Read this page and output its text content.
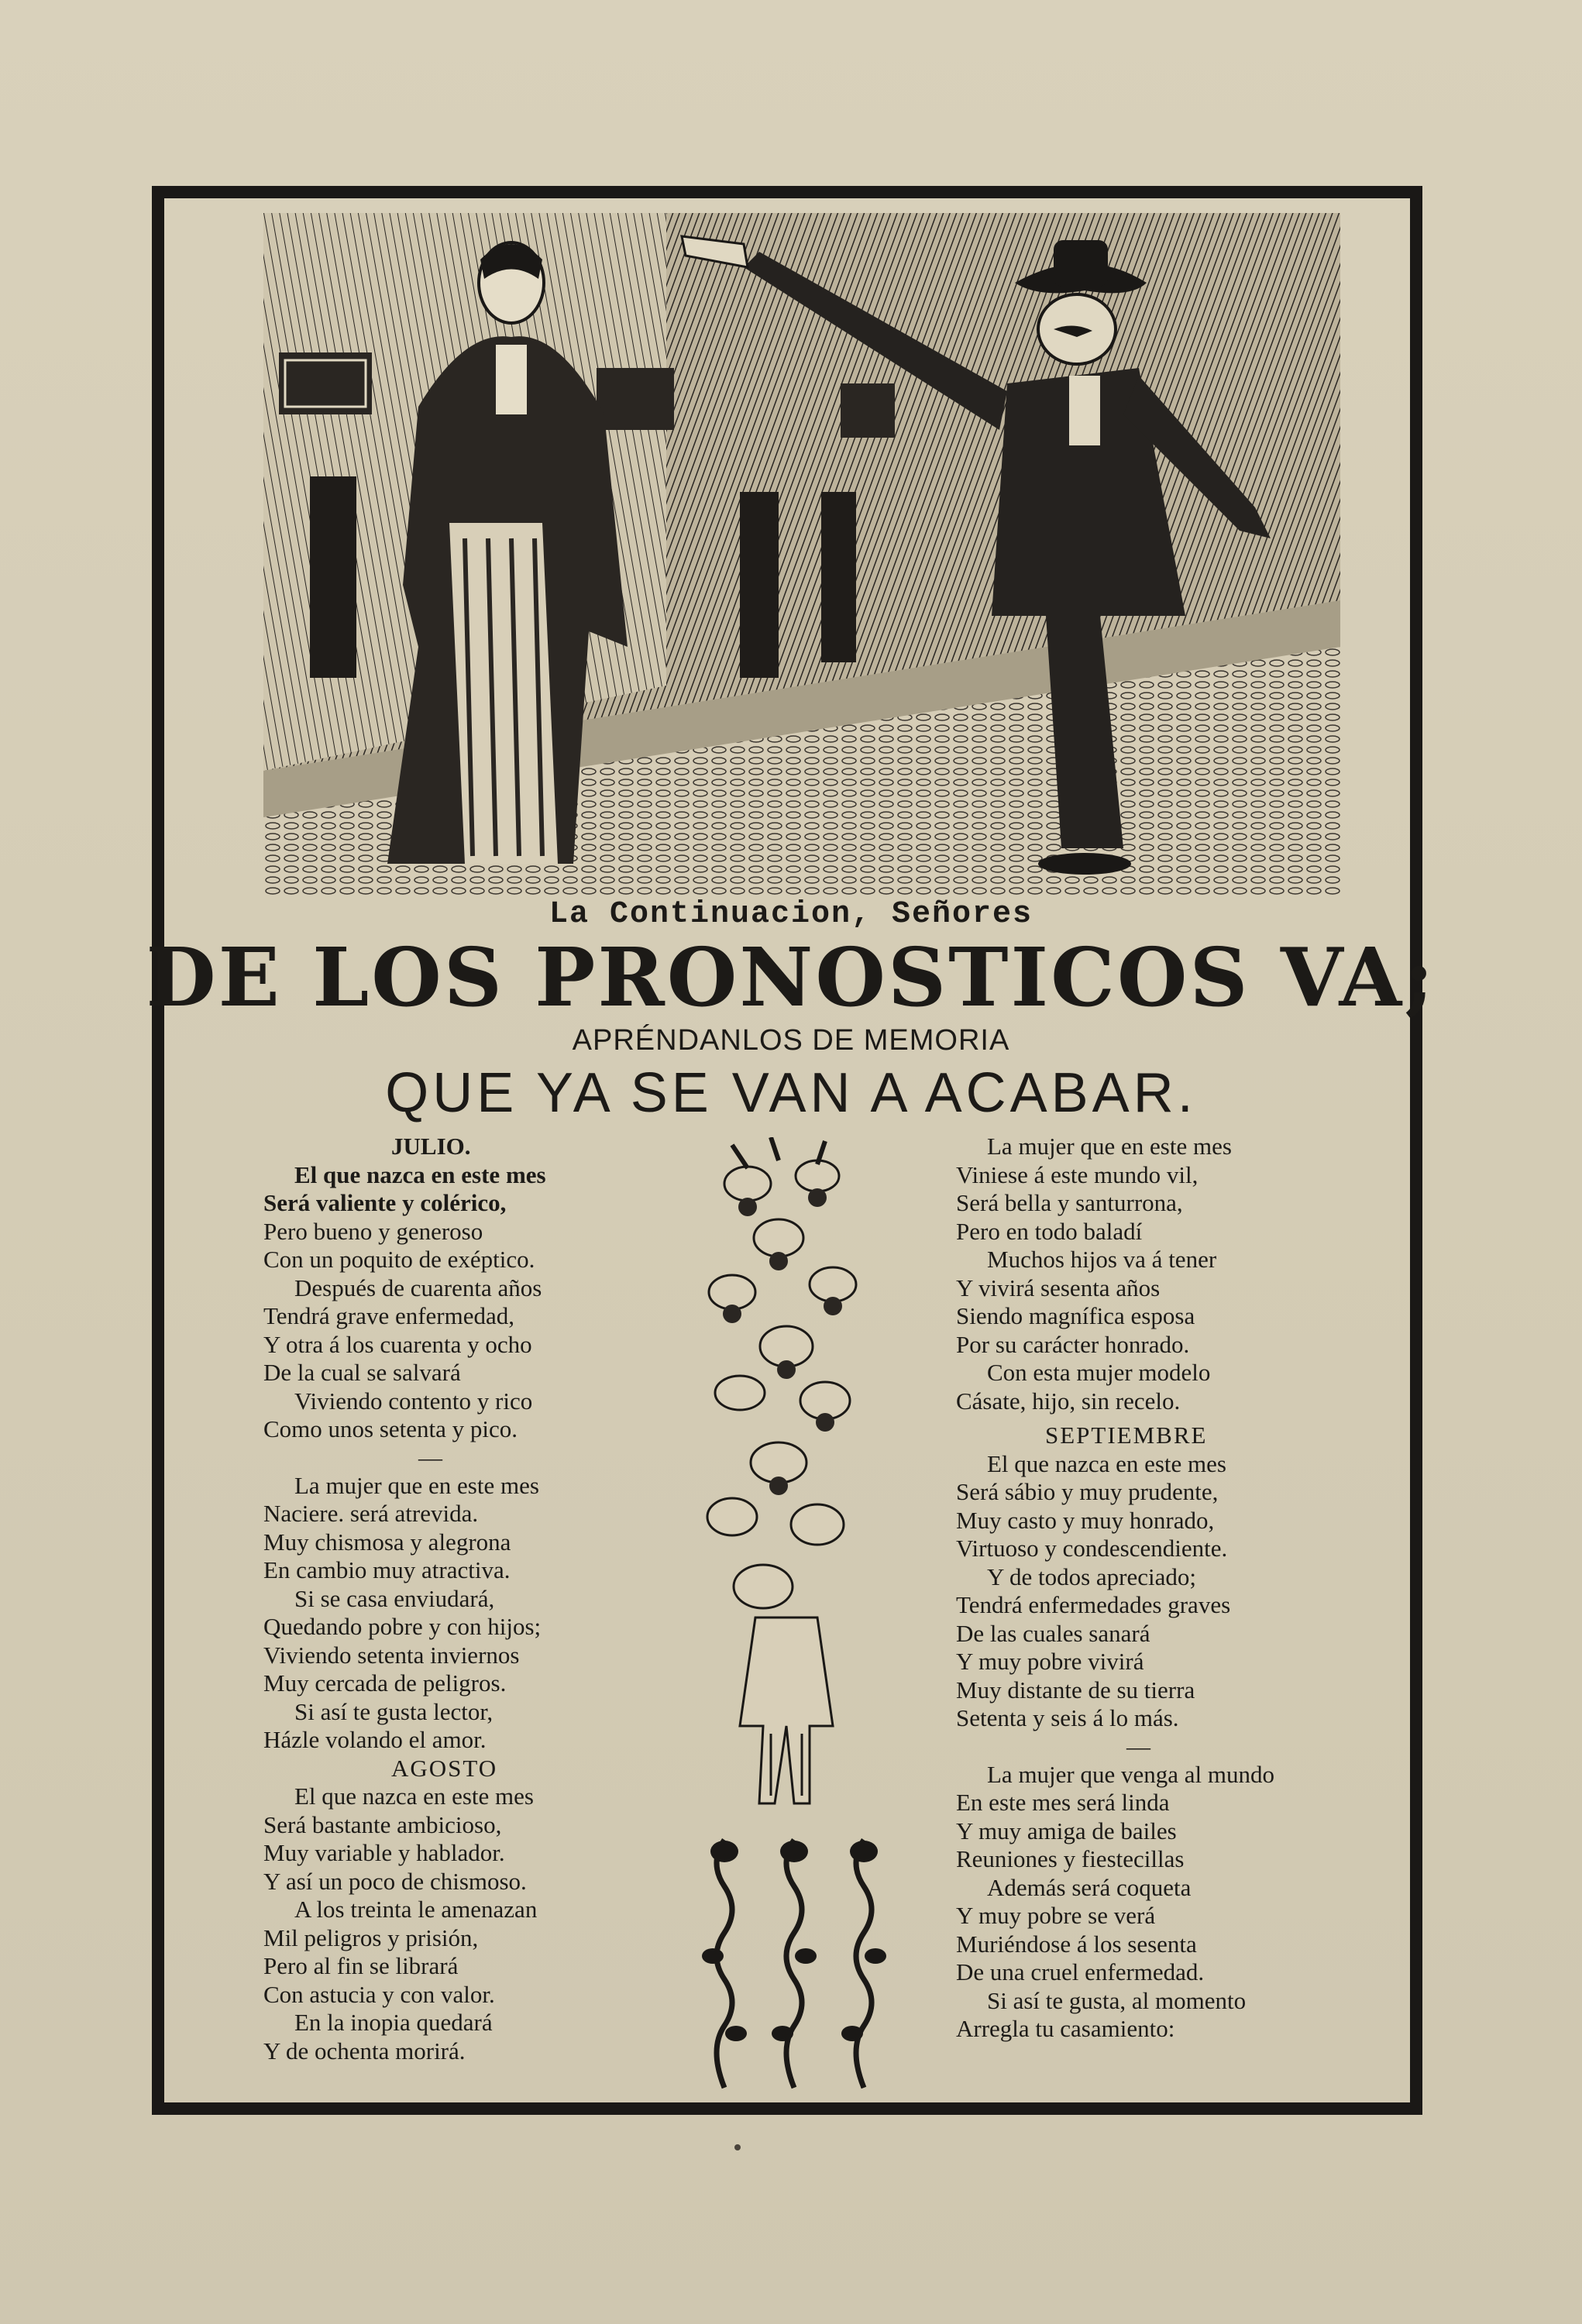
La Continuacion, Señores
DE LOS PRONOSTICOS VA;
APRÉNDANLOS DE MEMORIA
QUE YA SE VAN A ACABAR.
JULIO.
El que nazca en este mes
Será valiente y colérico,
Pero bueno y generoso
Con un poquito de exéptico.
Después de cuarenta años
Tendrá grave enfermedad,
Y otra á los cuarenta y ocho
De la cual se salvará
Viviendo contento y rico
Como unos setenta y pico.
—
La mujer que en este mes
Naciere. será atrevida.
Muy chismosa y alegrona
En cambio muy atractiva.
Si se casa enviudará,
Quedando pobre y con hijos;
Viviendo setenta inviernos
Muy cercada de peligros.
Si así te gusta lector,
Házle volando el amor.
AGOSTO
El que nazca en este mes
Será bastante ambicioso,
Muy variable y hablador.
Y así un poco de chismoso.
A los treinta le amenazan
Mil peligros y prisión,
Pero al fin se librará
Con astucia y con valor.
En la inopia quedará
Y de ochenta morirá.
La mujer que en este mes
Viniese á este mundo vil,
Será bella y santurrona,
Pero en todo baladí
Muchos hijos va á tener
Y vivirá sesenta años
Siendo magnífica esposa
Por su carácter honrado.
Con esta mujer modelo
Cásate, hijo, sin recelo.
SEPTIEMBRE
El que nazca en este mes
Será sábio y muy prudente,
Muy casto y muy honrado,
Virtuoso y condescendiente.
Y de todos apreciado;
Tendrá enfermedades graves
De las cuales sanará
Y muy pobre vivirá
Muy distante de su tierra
Setenta y seis á lo más.
—
La mujer que venga al mundo
En este mes será linda
Y muy amiga de bailes
Reuniones y fiestecillas
Además será coqueta
Y muy pobre se verá
Muriéndose á los sesenta
De una cruel enfermedad.
Si así te gusta, al momento
Arregla tu casamiento:
